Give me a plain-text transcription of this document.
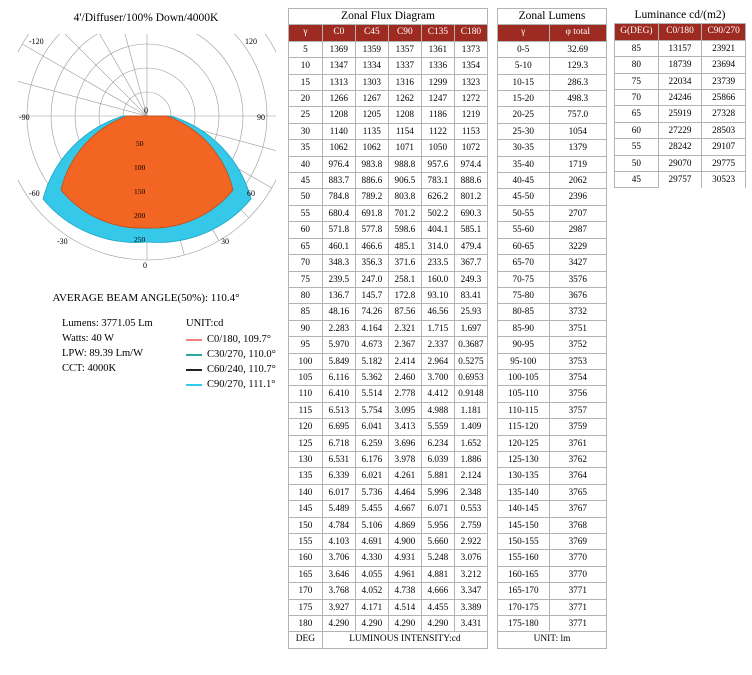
4'/Diffuser/100% Down/4000K
0
50
100
150
200
250
-120	120
-90	90
-60	60
-30	30
0
AVERAGE BEAM ANGLE(50%): 110.4°
Lumens: 3771.05 Lm
Watts: 40 W
LPW: 89.39 Lm/W
CCT: 4000K
UNIT:cd
C0/180, 109.7°
C30/270, 110.0°
C60/240, 110.7°
C90/270, 111.1°
Zonal Flux Diagram					
γ	C0	C45	C90	C135	C180
5	1369	1359	1357	1361	1373
10	1347	1334	1337	1336	1354
15	1313	1303	1316	1299	1323
20	1266	1267	1262	1247	1272
25	1208	1205	1208	1186	1219
30	1140	1135	1154	1122	1153
35	1062	1062	1071	1050	1072
40	976.4	983.8	988.8	957.6	974.4
45	883.7	886.6	906.5	783.1	888.6
50	784.8	789.2	803.8	626.2	801.2
55	680.4	691.8	701.2	502.2	690.3
60	571.8	577.8	598.6	404.1	585.1
65	460.1	466.6	485.1	314.0	479.4
70	348.3	356.3	371.6	233.5	367.7
75	239.5	247.0	258.1	160.0	249.3
80	136.7	145.7	172.8	93.10	83.41
85	48.16	74.26	87.56	46.56	25.93
90	2.283	4.164	2.321	1.715	1.697
95	5.970	4.673	2.367	2.337	0.3687
100	5.849	5.182	2.414	2.964	0.5275
105	6.116	5.362	2.460	3.700	0.6953
110	6.410	5.514	2.778	4.412	0.9148
115	6.513	5.754	3.095	4.988	1.181
120	6.695	6.041	3.413	5.559	1.409
125	6.718	6.259	3.696	6.234	1.652
130	6.531	6.176	3.978	6.039	1.886
135	6.339	6.021	4.261	5.881	2.124
140	6.017	5.736	4.464	5.996	2.348
145	5.489	5.455	4.667	6.071	0.553
150	4.784	5.106	4.869	5.956	2.759
155	4.103	4.691	4.900	5.660	2.922
160	3.706	4.330	4.931	5.248	3.076
165	3.646	4.055	4.961	4.881	3.212
170	3.768	4.052	4.738	4.666	3.347
175	3.927	4.171	4.514	4.455	3.389
180	4.290	4.290	4.290	4.290	3.431
DEG	LUMINOUS INTENSITY:cd				
Zonal Lumens	
γ	φ total
0-5	32.69
5-10	129.3
10-15	286.3
15-20	498.3
20-25	757.0
25-30	1054
30-35	1379
35-40	1719
40-45	2062
45-50	2396
50-55	2707
55-60	2987
60-65	3229
65-70	3427
70-75	3576
75-80	3676
80-85	3732
85-90	3751
90-95	3752
95-100	3753
100-105	3754
105-110	3756
110-115	3757
115-120	3759
120-125	3761
125-130	3762
130-135	3764
135-140	3765
140-145	3767
145-150	3768
150-155	3769
155-160	3770
160-165	3770
165-170	3771
170-175	3771
175-180	3771
UNIT: lm	
Luminance cd/(m2)		
G(DEG)	C0/180	C90/270
85	13157	23921
80	18739	23694
75	22034	23739
70	24246	25866
65	25919	27328
60	27229	28503
55	28242	29107
50	29070	29775
45	29757	30523
